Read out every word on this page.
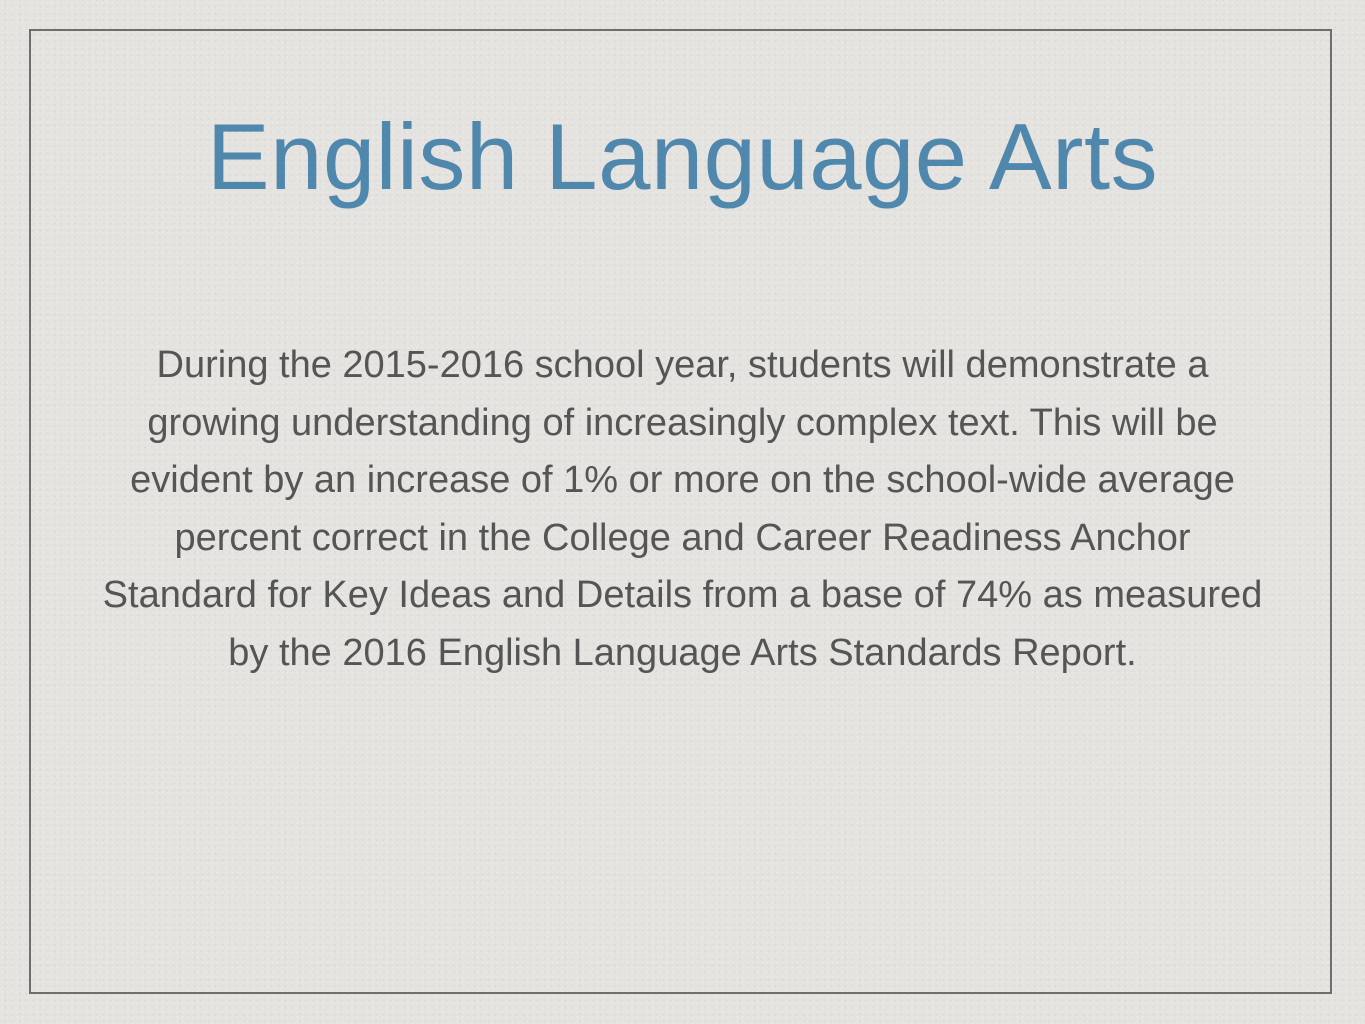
English Language Arts

During the 2015-2016 school year, students will demonstrate a growing understanding of increasingly complex text. This will be evident by an increase of 1% or more on the school-wide average percent correct in the College and Career Readiness Anchor Standard for Key Ideas and Details from a base of 74% as measured by the 2016 English Language Arts Standards Report.
